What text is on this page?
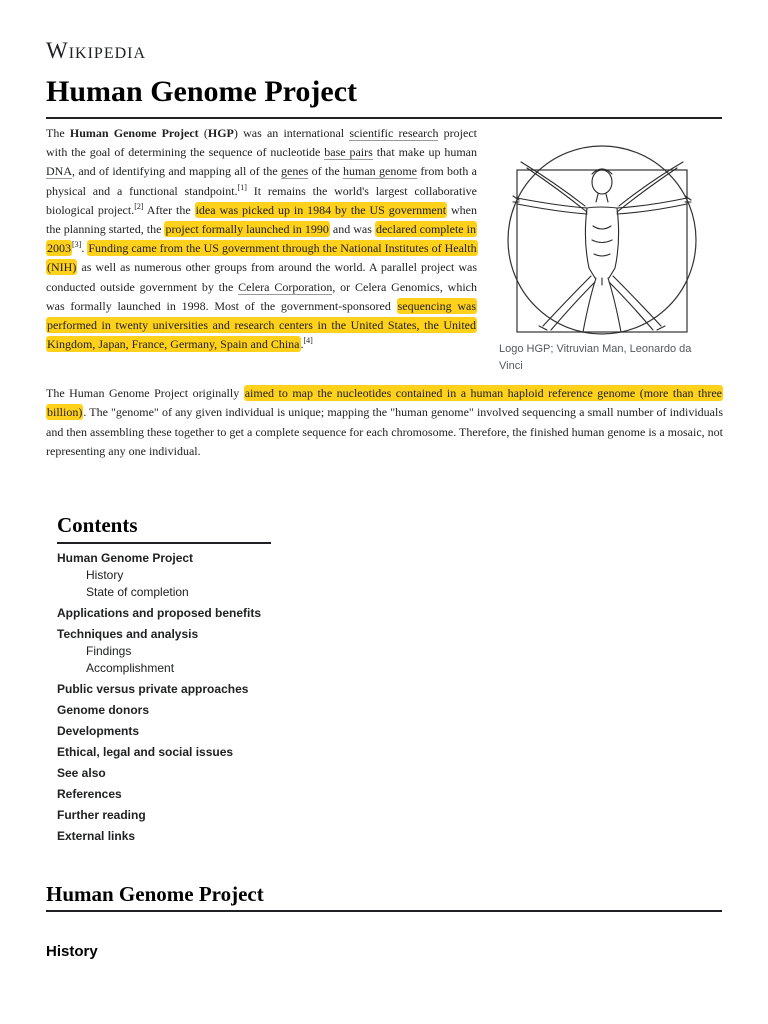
Wikipedia
Human Genome Project

The Human Genome Project (HGP) was an international scientific research project with the goal of determining the sequence of nucleotide base pairs that make up human DNA, and of identifying and mapping all of the genes of the human genome from both a physical and a functional standpoint.[1] It remains the world's largest collaborative biological project.[2] After the idea was picked up in 1984 by the US government when the planning started, the project formally launched in 1990 and was declared complete in 2003[3]. Funding came from the US government through the National Institutes of Health (NIH) as well as numerous other groups from around the world. A parallel project was conducted outside government by the Celera Corporation, or Celera Genomics, which was formally launched in 1998. Most of the government-sponsored sequencing was performed in twenty universities and research centers in the United States, the United Kingdom, Japan, France, Germany, Spain and China.[4]

Logo HGP; Vitruvian Man, Leonardo da Vinci

The Human Genome Project originally aimed to map the nucleotides contained in a human haploid reference genome (more than three billion). The "genome" of any given individual is unique; mapping the "human genome" involved sequencing a small number of individuals and then assembling these together to get a complete sequence for each chromosome. Therefore, the finished human genome is a mosaic, not representing any one individual.

Contents
Human Genome Project
History
State of completion
Applications and proposed benefits
Techniques and analysis
Findings
Accomplishment
Public versus private approaches
Genome donors
Developments
Ethical, legal and social issues
See also
References
Further reading
External links
Human Genome Project
History
